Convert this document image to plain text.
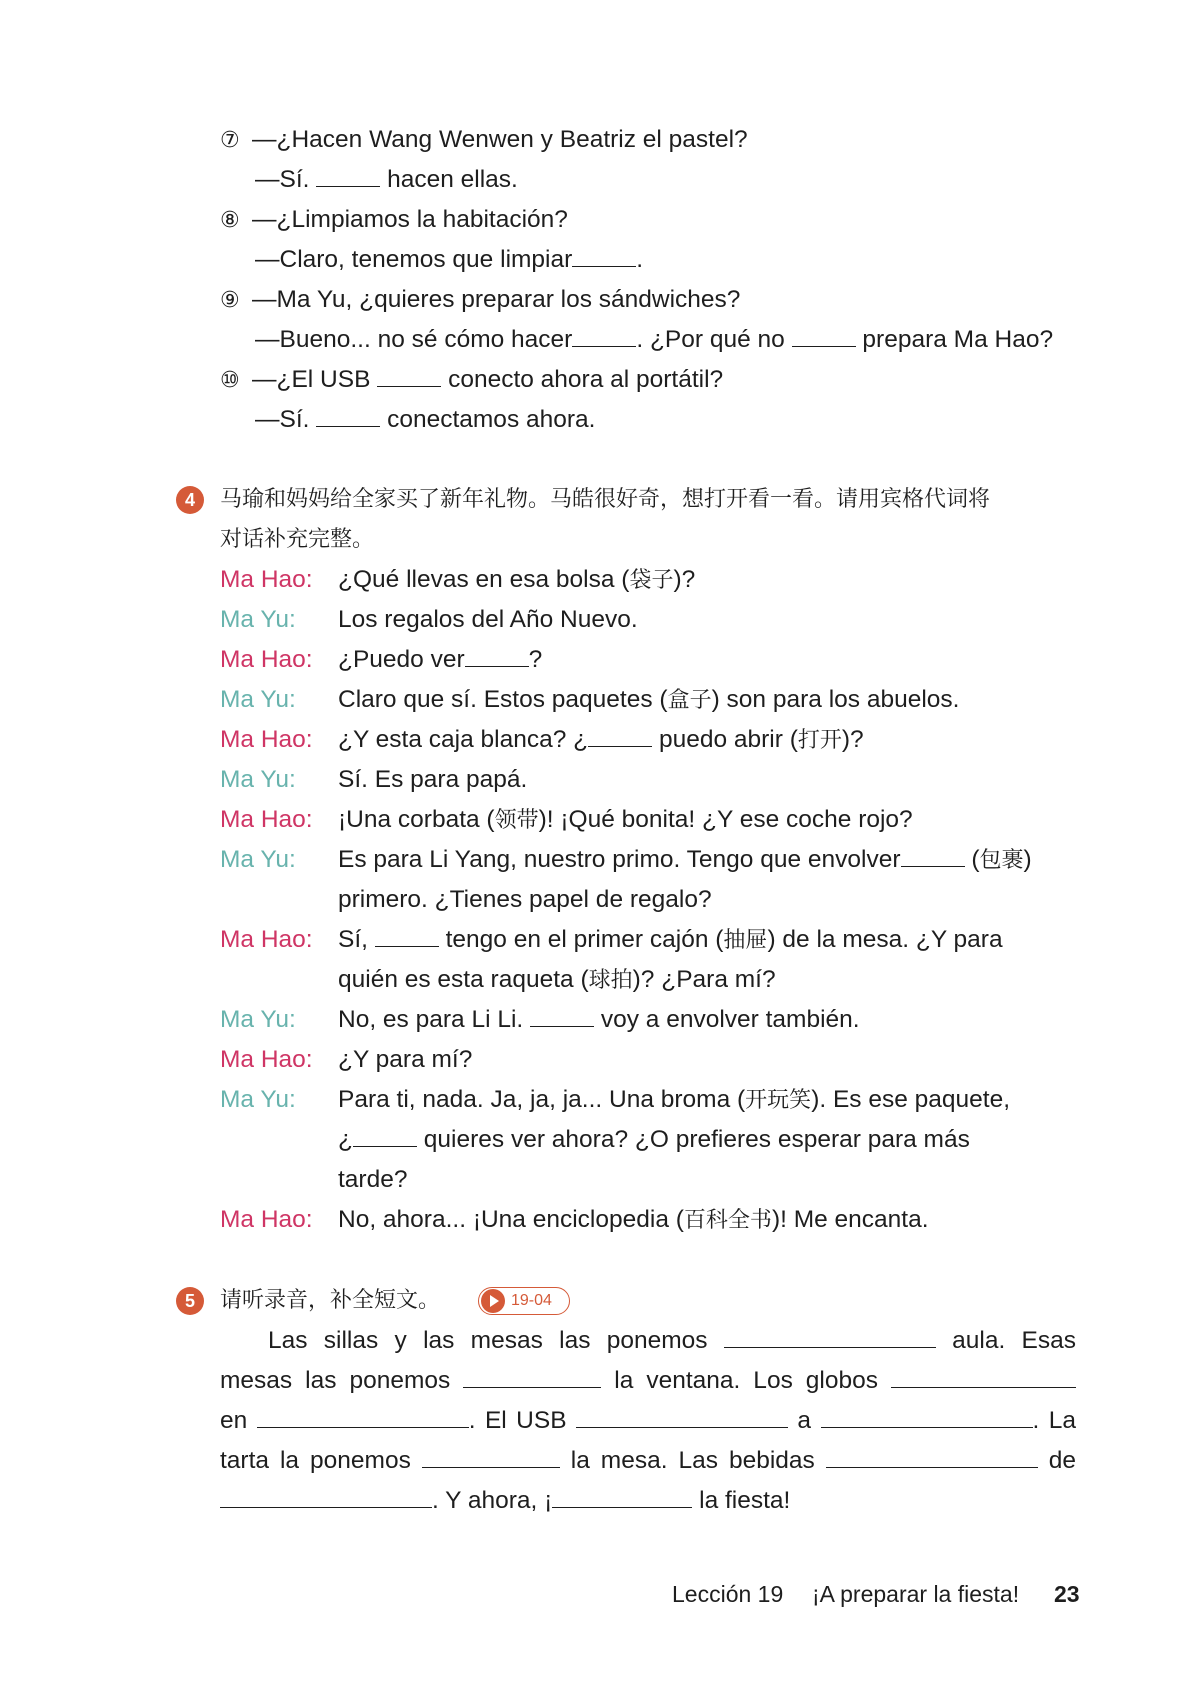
⑦ —¿Hacen Wang Wenwen y Beatriz el pastel?
—Sí.	hacen ellas.
⑧ —¿Limpiamos la habitación?
—Claro, tenemos que limpiar	.
⑨ —Ma Yu, ¿quieres preparar los sándwiches?
—Bueno... no sé cómo hacer	. ¿Por qué no	prepara Ma Hao?
⑩ —¿El USB	conecto ahora al portátil?
—Sí.	conectamos ahora.
4	马瑜和妈妈给全家买了新年礼物。马皓很好奇，想打开看一看。请用宾格代词将
对话补充完整。
Ma Hao: ¿Qué llevas en esa bolsa (袋子)?
Ma Yu: Los regalos del Año Nuevo.
Ma Hao: ¿Puedo ver	?
Ma Yu: Claro que sí. Estos paquetes (盒子) son para los abuelos.
Ma Hao: ¿Y esta caja blanca? ¿	puedo abrir (打开)?
Ma Yu: Sí. Es para papá.
Ma Hao: ¡Una corbata (领带)! ¡Qué bonita! ¿Y ese coche rojo?
Ma Yu: Es para Li Yang, nuestro primo. Tengo que envolver	(包裹)
primero. ¿Tienes papel de regalo?
Ma Hao: Sí,	tengo en el primer cajón (抽屉) de la mesa. ¿Y para
quién es esta raqueta (球拍)? ¿Para mí?
Ma Yu: No, es para Li Li.	voy a envolver también.
Ma Hao: ¿Y para mí?
Ma Yu: Para ti, nada. Ja, ja, ja... Una broma (开玩笑). Es ese paquete,
¿	quieres ver ahora? ¿O prefieres esperar para más
tarde?
Ma Hao: No, ahora... ¡Una enciclopedia (百科全书)! Me encanta.
5	请听录音，补全短文。	19-04
Las sillas y las mesas las ponemos	aula. Esas
mesas las ponemos	la ventana. Los globos
en	. El USB	a	. La
tarta la ponemos	la mesa. Las bebidas	de
. Y ahora, ¡	la fiesta!
Lección 19 ¡A preparar la fiesta! 23
